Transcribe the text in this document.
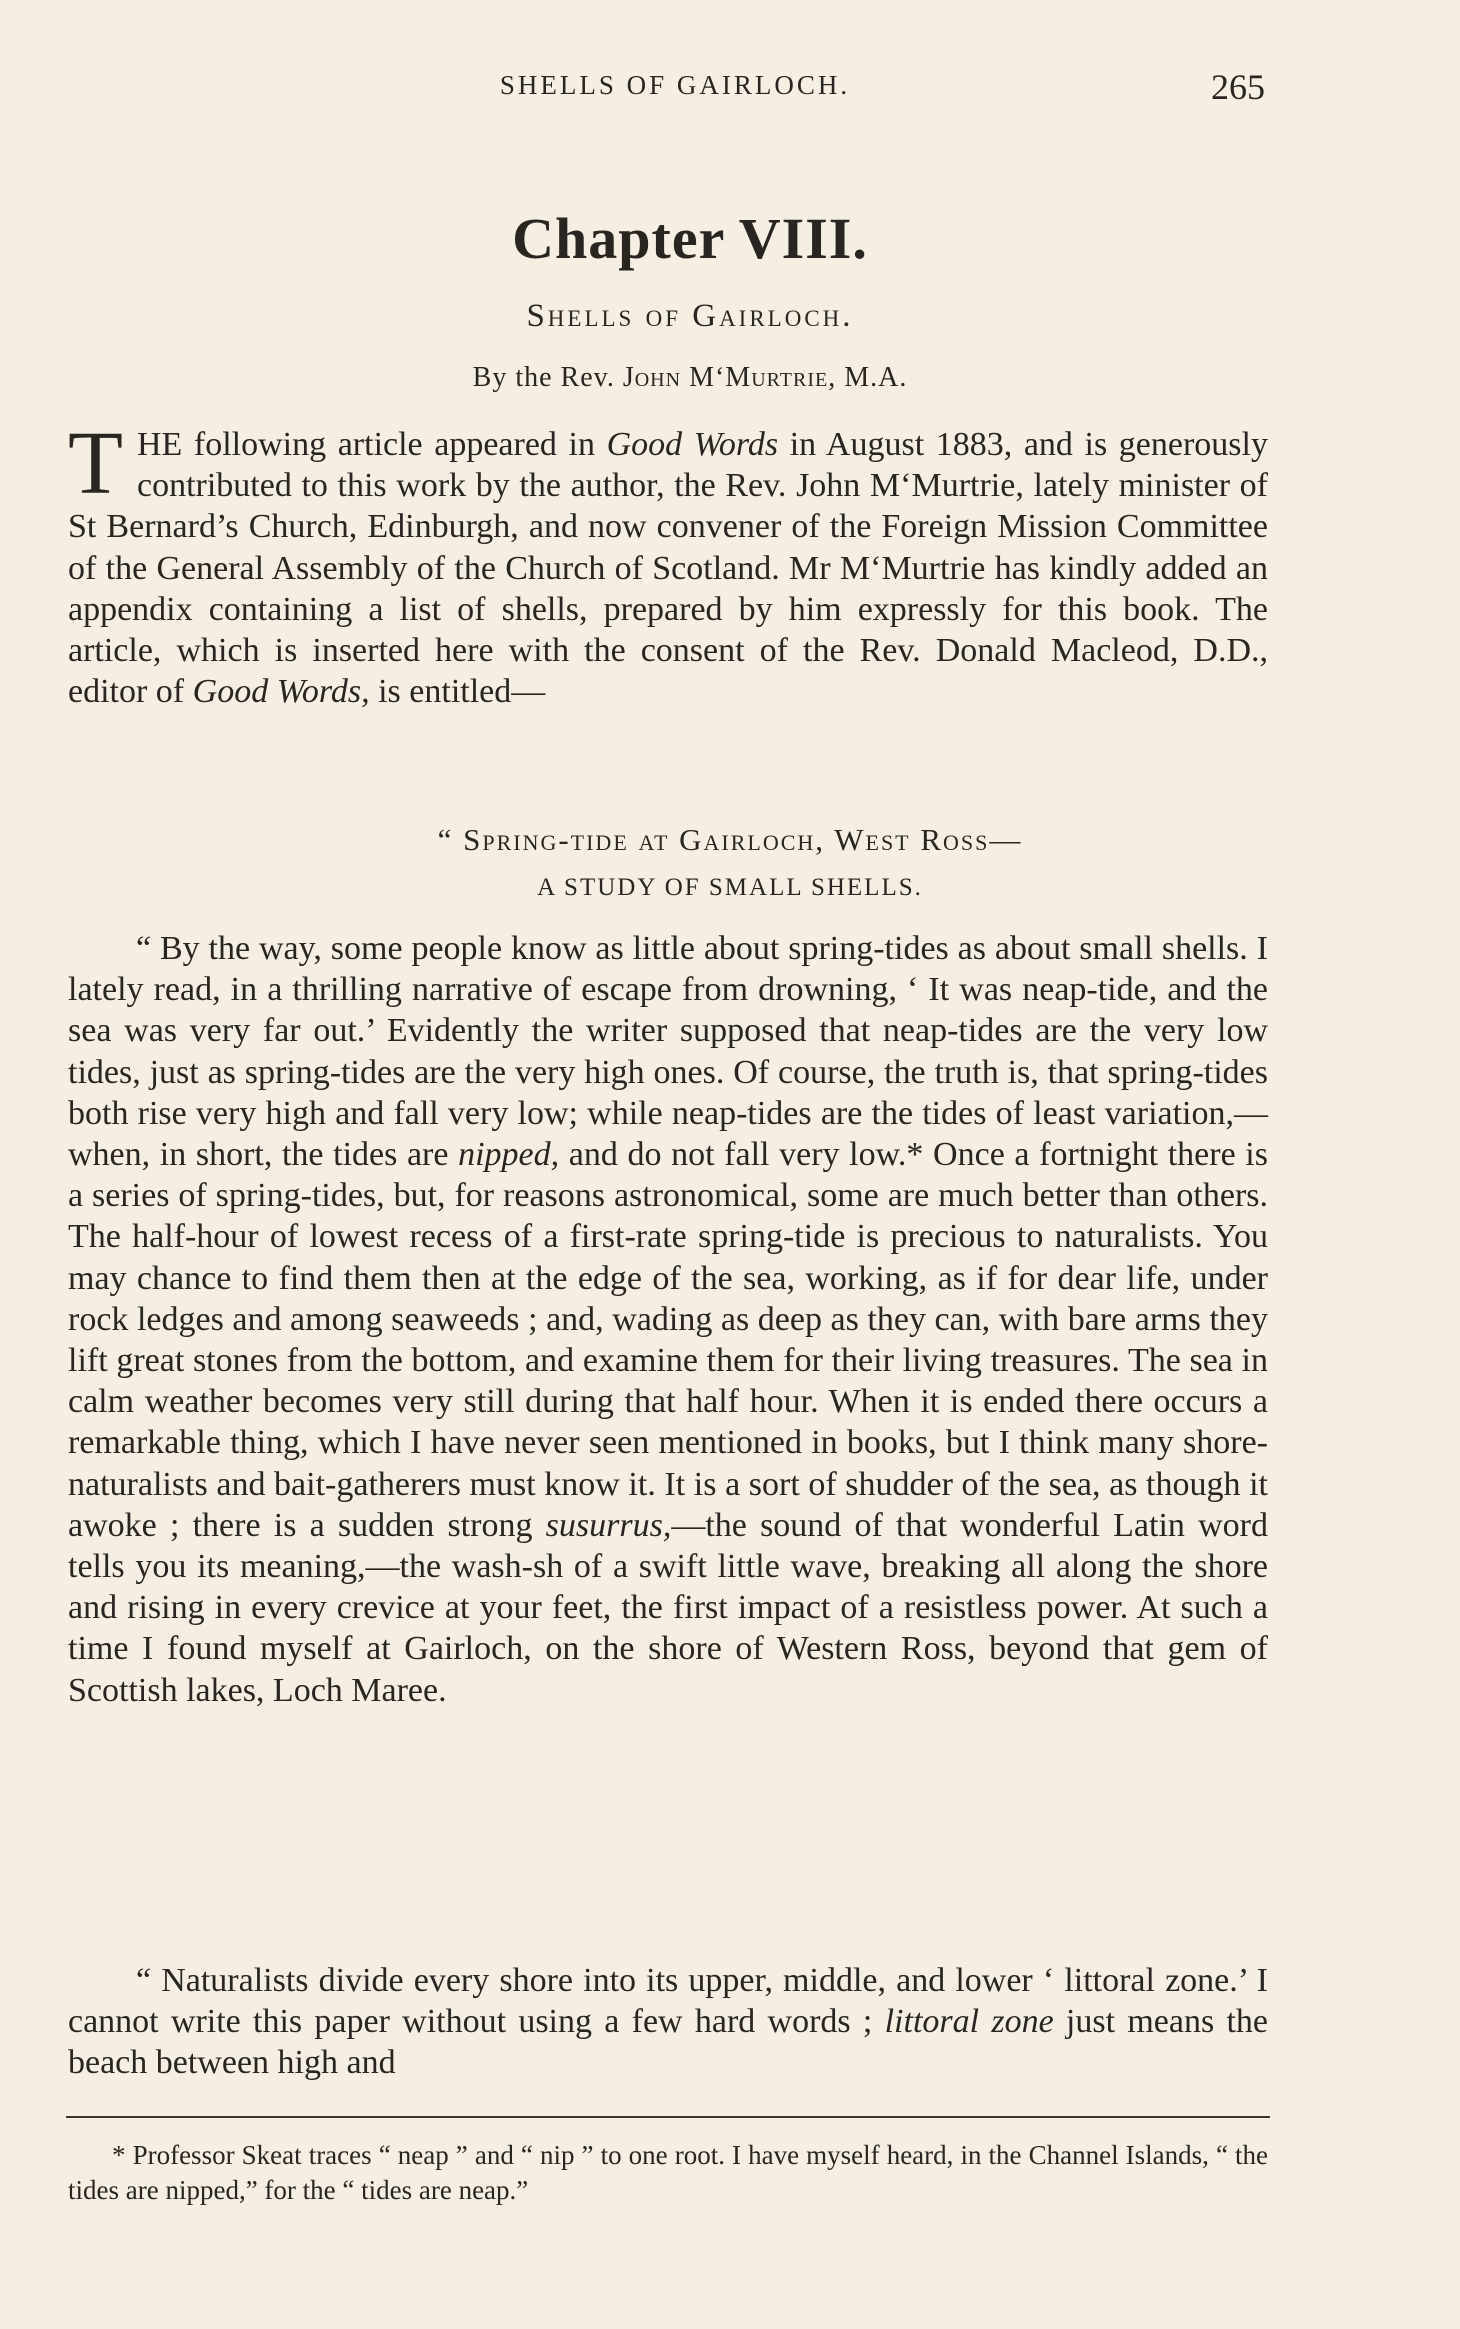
SHELLS OF GAIRLOCH.	265
Chapter VIII.
Shells of Gairloch.
By the Rev. John M‘Murtrie, M.A.
THE following article appeared in Good Words in August 1883, and is generously contributed to this work by the author, the Rev. John M‘Murtrie, lately minister of St Bernard’s Church, Edinburgh, and now convener of the Foreign Mission Committee of the General Assembly of the Church of Scotland. Mr M‘Murtrie has kindly added an appendix containing a list of shells, prepared by him expressly for this book. The article, which is inserted here with the consent of the Rev. Donald Macleod, D.D., editor of Good Words, is entitled—
“ Spring-tide at Gairloch, West Ross—
A STUDY OF SMALL SHELLS.

“ By the way, some people know as little about spring-tides as about small shells. I lately read, in a thrilling narrative of escape from drowning, ‘ It was neap-tide, and the sea was very far out.’ Evidently the writer supposed that neap-tides are the very low tides, just as spring-tides are the very high ones. Of course, the truth is, that spring-tides both rise very high and fall very low; while neap-tides are the tides of least variation,—when, in short, the tides are nipped, and do not fall very low.* Once a fortnight there is a series of spring-tides, but, for reasons astronomical, some are much better than others. The half-hour of lowest recess of a first-rate spring-tide is precious to naturalists. You may chance to find them then at the edge of the sea, working, as if for dear life, under rock ledges and among seaweeds ; and, wading as deep as they can, with bare arms they lift great stones from the bottom, and examine them for their living treasures. The sea in calm weather becomes very still during that half hour. When it is ended there occurs a remarkable thing, which I have never seen mentioned in books, but I think many shore-naturalists and bait-gatherers must know it. It is a sort of shudder of the sea, as though it awoke ; there is a sudden strong susurrus,—the sound of that wonderful Latin word tells you its meaning,—the wash-sh of a swift little wave, breaking all along the shore and rising in every crevice at your feet, the first impact of a resistless power. At such a time I found myself at Gairloch, on the shore of Western Ross, beyond that gem of Scottish lakes, Loch Maree.

“ Naturalists divide every shore into its upper, middle, and lower ‘ littoral zone.’ I cannot write this paper without using a few hard words ; littoral zone just means the beach between high and

* Professor Skeat traces “ neap ” and “ nip ” to one root. I have myself heard, in the Channel Islands, “ the tides are nipped,” for the “ tides are neap.”
